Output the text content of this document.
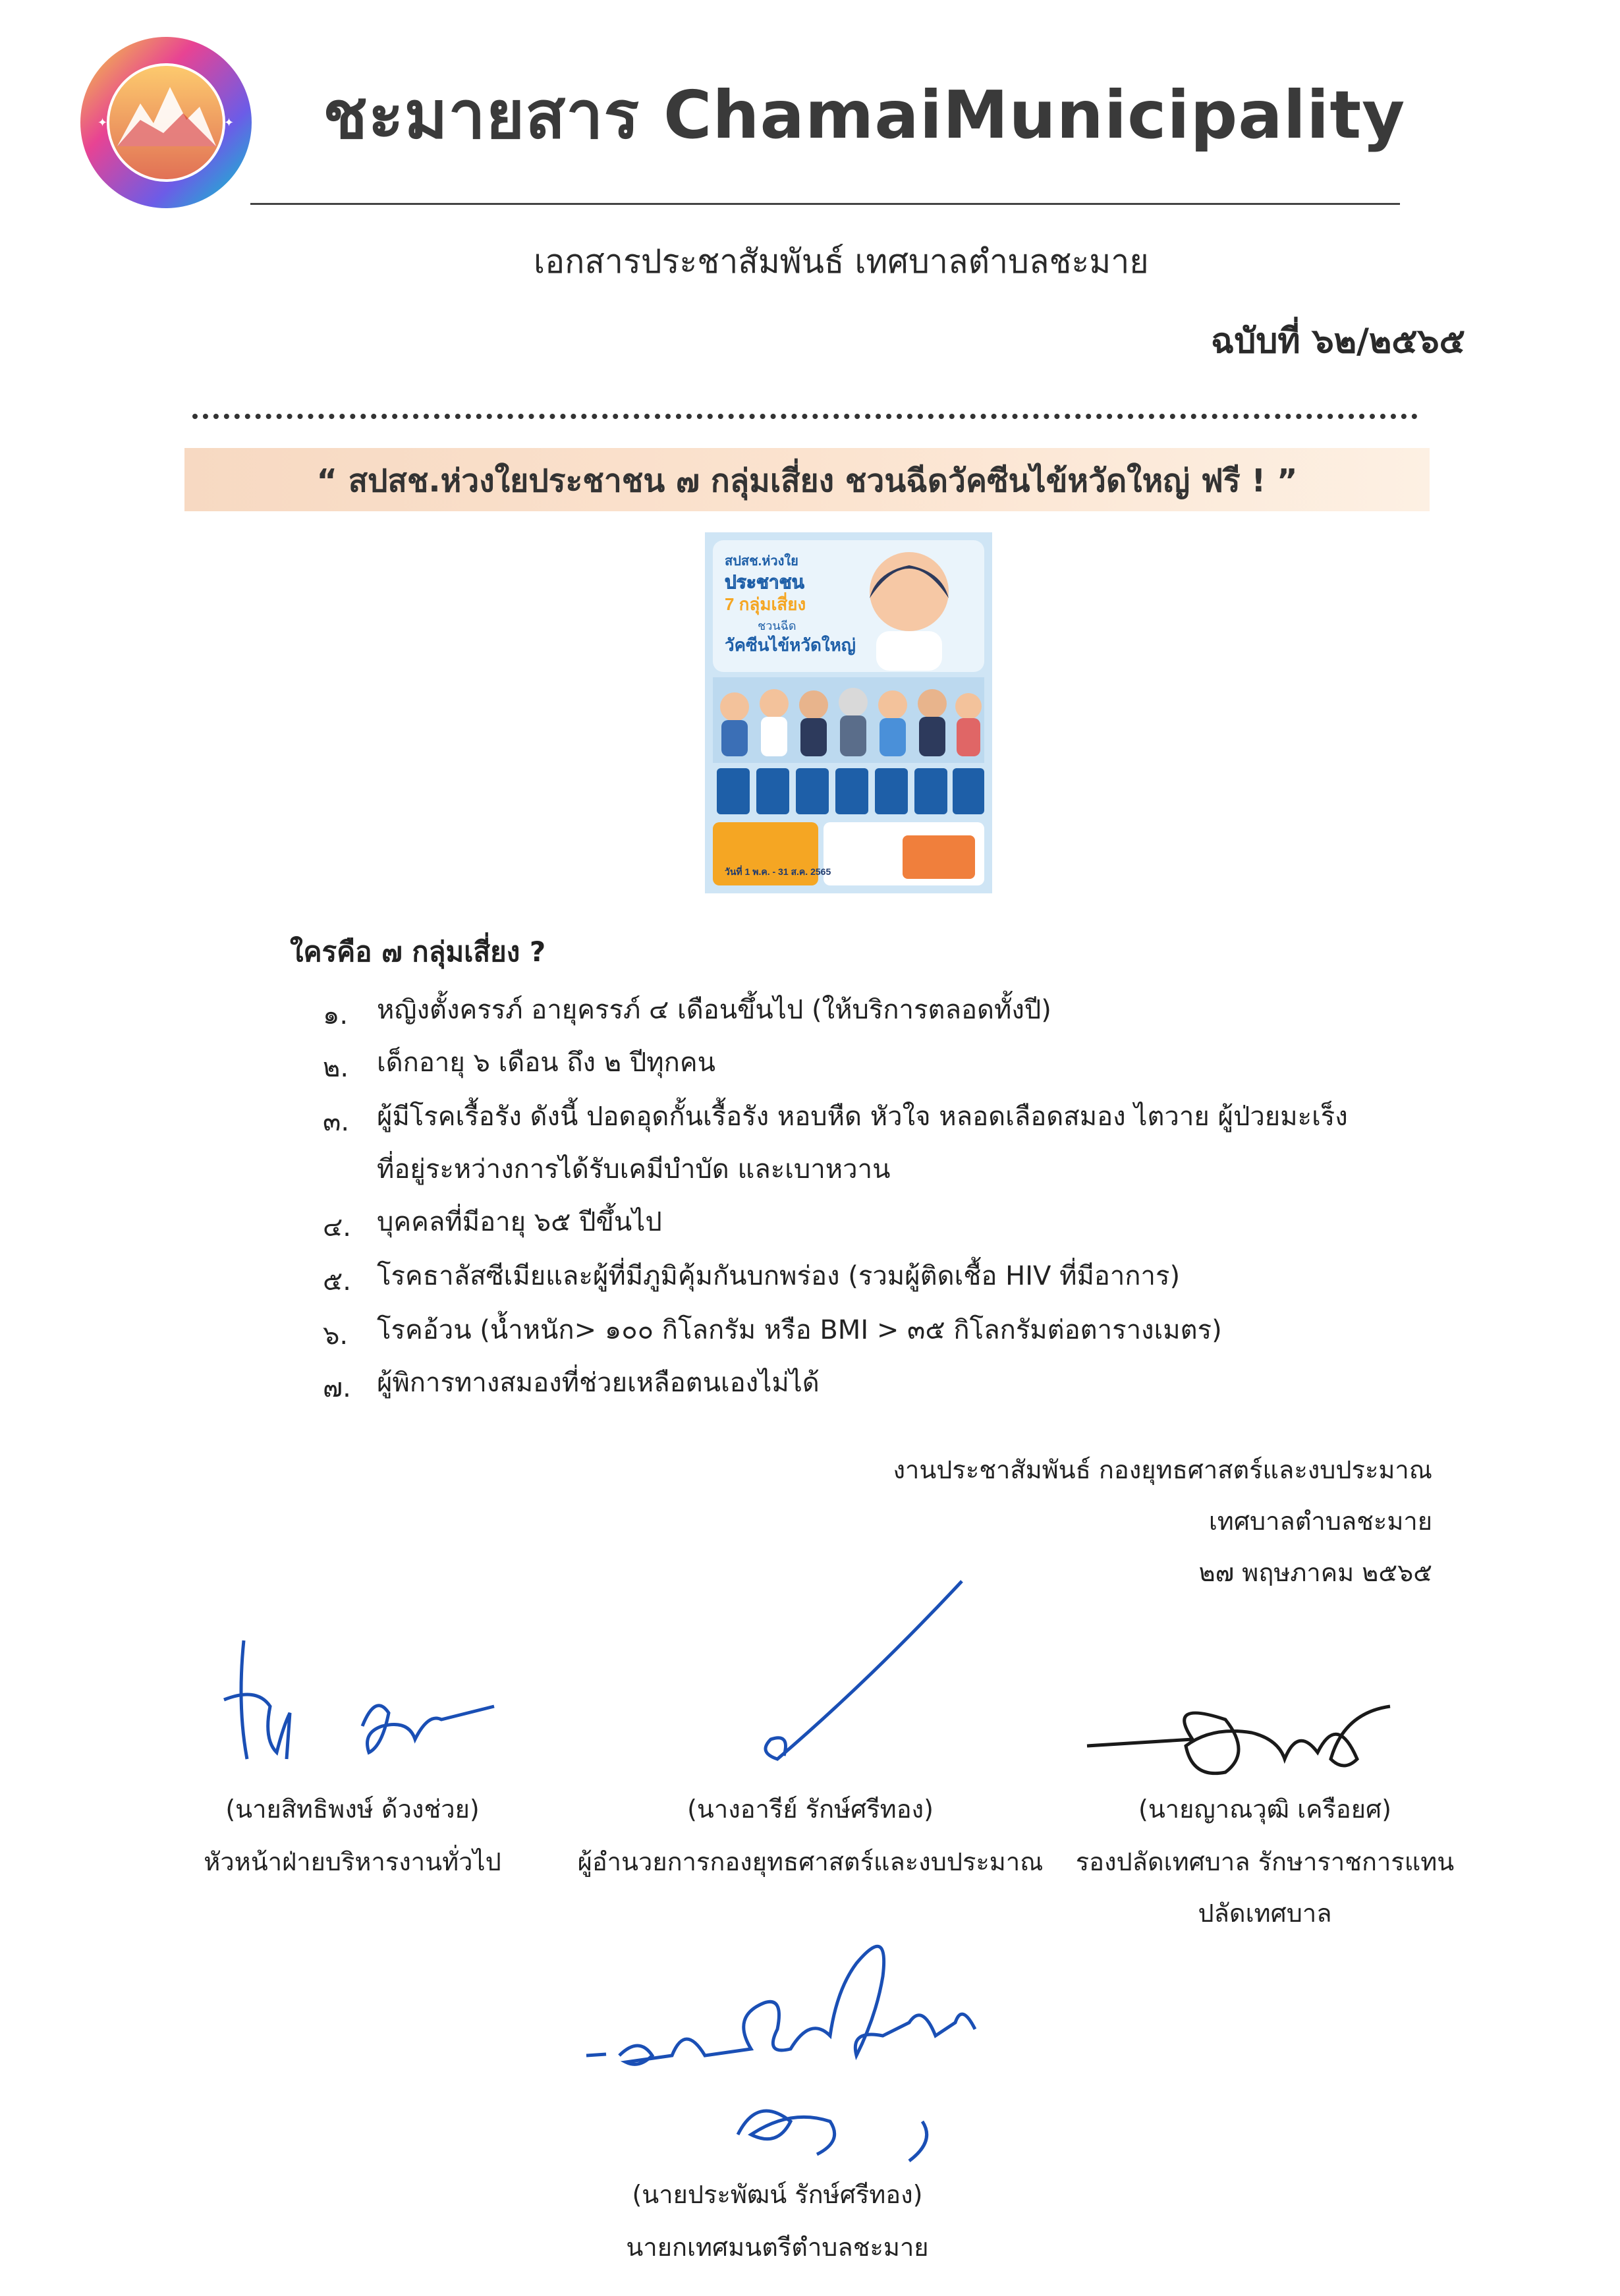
✦	✦ ชะมายสาร ChamaiMunicipality
เอกสารประชาสัมพันธ์ เทศบาลตำบลชะมาย
ฉบับที่ ๖๒/๒๕๖๕
“ สปสช.ห่วงใยประชาชน ๗ กลุ่มเสี่ยง ชวนฉีดวัคซีนไข้หวัดใหญ่ ฟรี ! ”
สปสช.ห่วงใย
ประชาชน
7 กลุ่มเสี่ยง
ชวนฉีด
วัคซีนไข้หวัดใหญ่
วันที่ 1 พ.ค. - 31 ส.ค. 2565
ใครคือ ๗ กลุ่มเสี่ยง ?
๑. หญิงตั้งครรภ์ อายุครรภ์ ๔ เดือนขึ้นไป (ให้บริการตลอดทั้งปี)
๒. เด็กอายุ ๖ เดือน ถึง ๒ ปีทุกคน
๓. ผู้มีโรคเรื้อรัง ดังนี้ ปอดอุดกั้นเรื้อรัง หอบหืด หัวใจ หลอดเลือดสมอง ไตวาย ผู้ป่วยมะเร็ง
ที่อยู่ระหว่างการได้รับเคมีบำบัด และเบาหวาน
๔. บุคคลที่มีอายุ ๖๕ ปีขึ้นไป
๕. โรคธาลัสซีเมียและผู้ที่มีภูมิคุ้มกันบกพร่อง (รวมผู้ติดเชื้อ HIV ที่มีอาการ)
๖. โรคอ้วน (น้ำหนัก> ๑๐๐ กิโลกรัม หรือ BMI > ๓๕ กิโลกรัมต่อตารางเมตร)
๗. ผู้พิการทางสมองที่ช่วยเหลือตนเองไม่ได้
งานประชาสัมพันธ์ กองยุทธศาสตร์และงบประมาณ
เทศบาลตำบลชะมาย
๒๗ พฤษภาคม ๒๕๖๕
(นายสิทธิพงษ์ ด้วงช่วย)
หัวหน้าฝ่ายบริหารงานทั่วไป
(นางอารีย์ รักษ์ศรีทอง)
ผู้อำนวยการกองยุทธศาสตร์และงบประมาณ
(นายญาณวุฒิ เครือยศ)
รองปลัดเทศบาล รักษาราชการแทน
ปลัดเทศบาล
(นายประพัฒน์ รักษ์ศรีทอง)
นายกเทศมนตรีตำบลชะมาย
